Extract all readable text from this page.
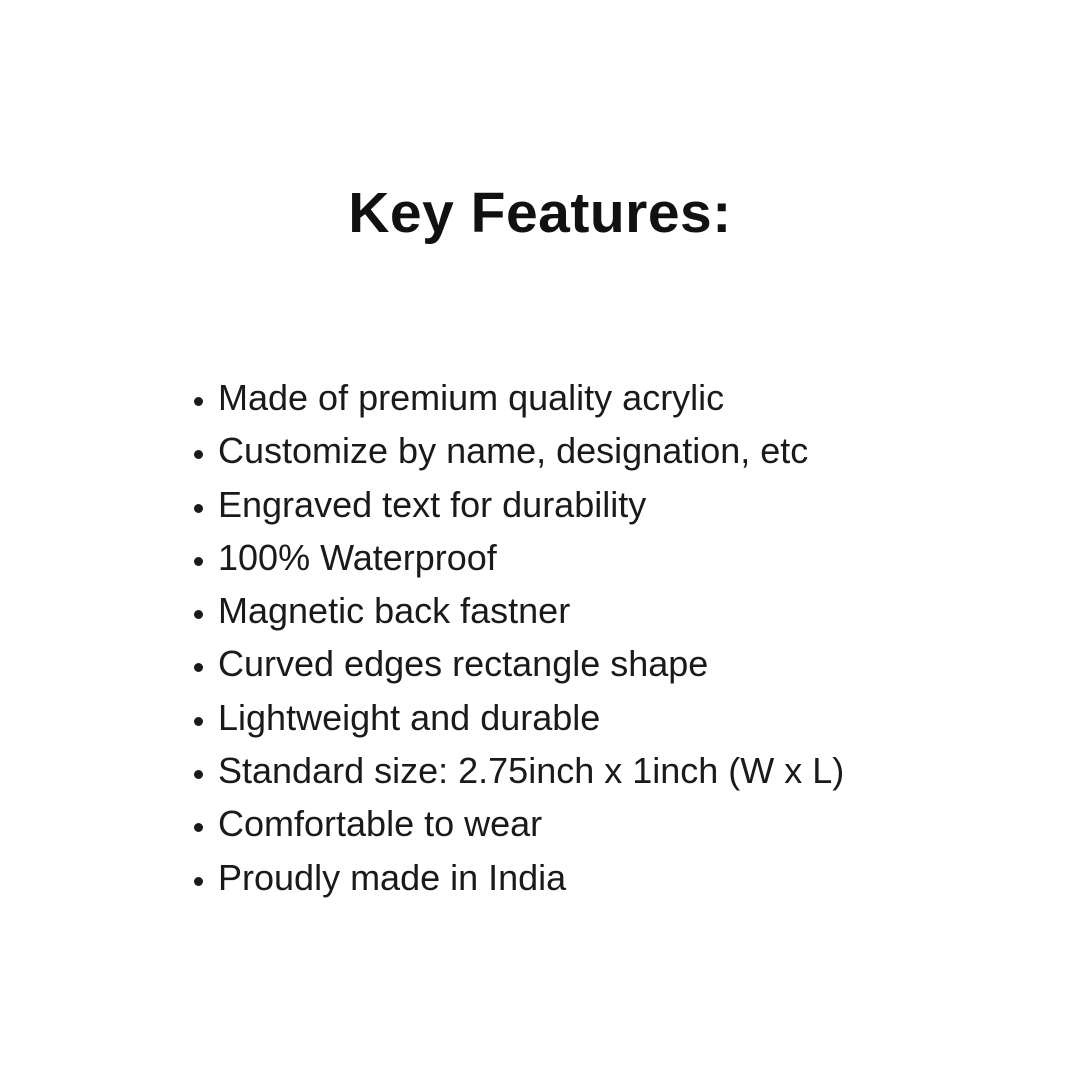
Key Features:
• Made of premium quality acrylic
• Customize by name, designation, etc
• Engraved text for durability
• 100% Waterproof
• Magnetic back fastner
• Curved edges rectangle shape
• Lightweight and durable
• Standard size: 2.75inch x 1inch (W x L)
• Comfortable to wear
• Proudly made in India
